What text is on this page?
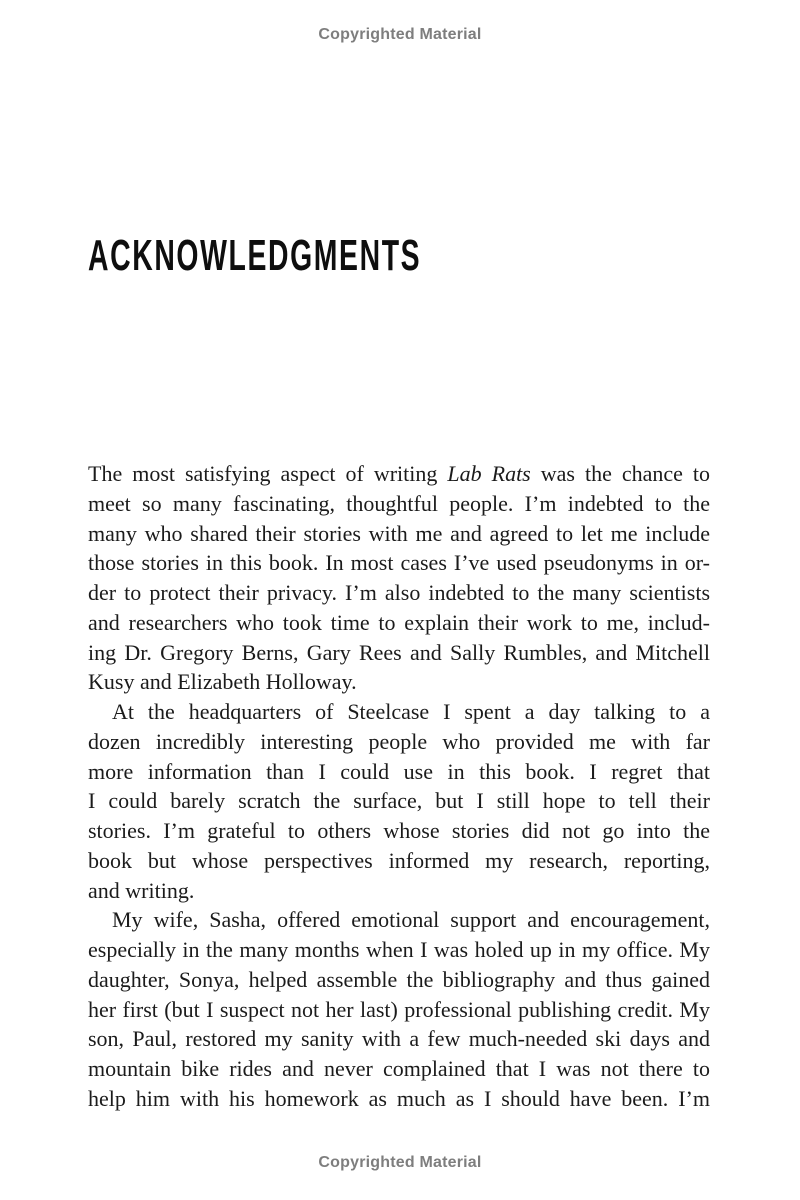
Copyrighted Material
ACKNOWLEDGMENTS
The most satisfying aspect of writing Lab Rats was the chance to
meet so many fascinating, thoughtful people. I’m indebted to the
many who shared their stories with me and agreed to let me include
those stories in this book. In most cases I’ve used pseudonyms in or-
der to protect their privacy. I’m also indebted to the many scientists
and researchers who took time to explain their work to me, includ-
ing Dr. Gregory Berns, Gary Rees and Sally Rumbles, and Mitchell
Kusy and Elizabeth Holloway.
At the headquarters of Steelcase I spent a day talking to a
dozen incredibly interesting people who provided me with far
more information than I could use in this book. I regret that
I could barely scratch the surface, but I still hope to tell their
stories. I’m grateful to others whose stories did not go into the
book but whose perspectives informed my research, reporting,
and writing.
My wife, Sasha, offered emotional support and encouragement,
especially in the many months when I was holed up in my office. My
daughter, Sonya, helped assemble the bibliography and thus gained
her first (but I suspect not her last) professional publishing credit. My
son, Paul, restored my sanity with a few much-needed ski days and
mountain bike rides and never complained that I was not there to
help him with his homework as much as I should have been. I’m
Copyrighted Material
